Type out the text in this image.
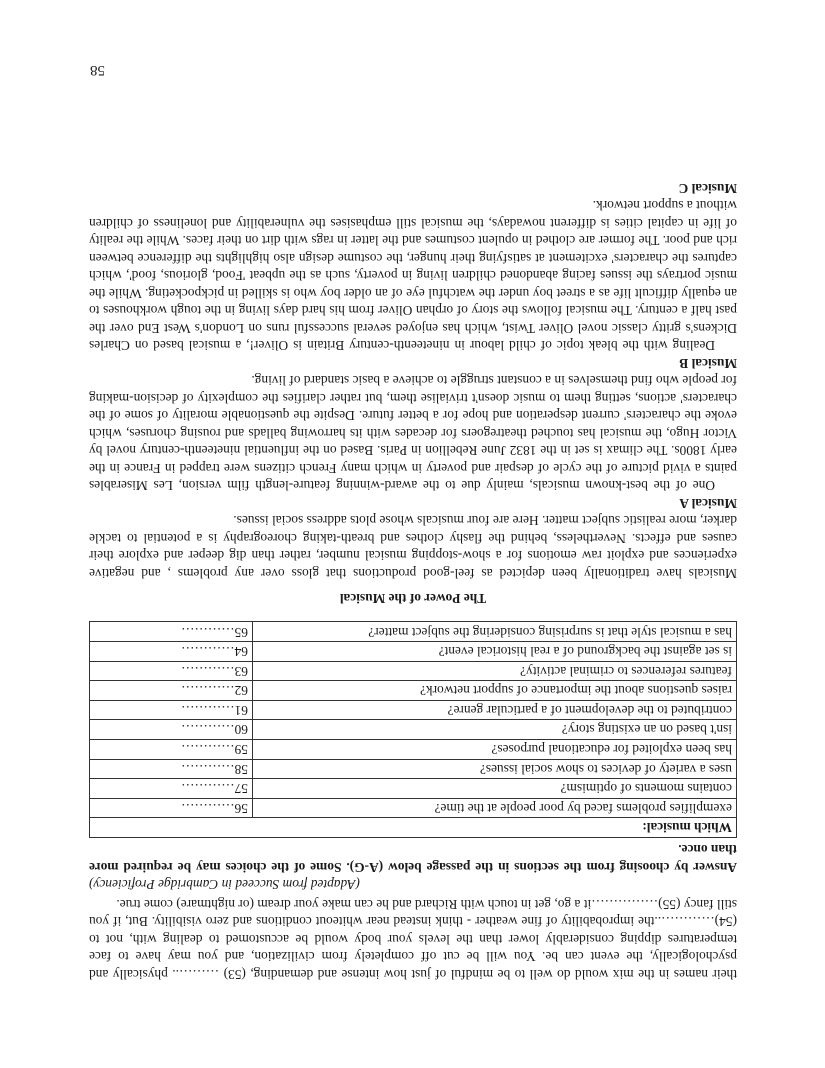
their names in the mix would do well to be mindful of just how intense and demanding, (53) ……….. physically and psychologically, the event can be. You will be cut off completely from civilization, and you may have to face temperatures dipping considerably lower than the levels your body would be accustomed to dealing with, not to (54)…………..the improbability of fine weather - think instead near whiteout conditions and zero visibility. But, if you still fancy (55)……………it a go, get in touch with Richard and he can make your dream (or nightmare) come true.

(Adapted from Succeed in Cambridge Proficiency)

Answer by choosing from the sections in the passage below (A-G). Some of the choices may be required more than once.

Which musical:	
exemplifies problems faced by poor people at the time?	56…………
contains moments of optimism?	57…………
uses a variety of devices to show social issues?	58…………
has been exploited for educational purposes?	59…………
isn't based on an existing story?	60…………
contributed to the development of a particular genre?	61…………
raises questions about the importance of support network?	62…………
features references to criminal activity?	63…………
is set against the background of a real historical event?	64…………
has a musical style that is surprising considering the subject matter?	65…………
The Power of the Musical

Musicals have traditionally been depicted as feel-good productions that gloss over any problems , and negative experiences and exploit raw emotions for a show-stopping musical number, rather than dig deeper and explore their causes and effects. Nevertheless, behind the flashy clothes and breath-taking choreography is a potential to tackle darker, more realistic subject matter. Here are four musicals whose plots address social issues.

Musical A

One of the best-known musicals, mainly due to the award-winning feature-length film version, Les Miserables paints a vivid picture of the cycle of despair and poverty in which many French citizens were trapped in France in the early 1800s. The climax is set in the 1832 June Rebellion in Paris. Based on the influential nineteenth-century novel by Victor Hugo, the musical has touched theatregoers for decades with its harrowing ballads and rousing choruses, which evoke the characters' current desperation and hope for a better future. Despite the questionable morality of some of the characters' actions, setting them to music doesn't trivialise them, but rather clarifies the complexity of decision-making for people who find themselves in a constant struggle to achieve a basic standard of living.

Musical B

Dealing with the bleak topic of child labour in nineteenth-century Britain is Oliver!, a musical based on Charles Dickens's gritty classic novel Oliver Twist, which has enjoyed several successful runs on London's West End over the past half a century. The musical follows the story of orphan Oliver from his hard days living in the tough workhouses to an equally difficult life as a street boy under the watchful eye of an older boy who is skilled in pickpocketing. While the music portrays the issues facing abandoned children living in poverty, such as the upbeat 'Food, glorious, food', which captures the characters' excitement at satisfying their hunger, the costume design also highlights the difference between rich and poor. The former are clothed in opulent costumes and the latter in rags with dirt on their faces. While the reality of life in capital cities is different nowadays, the musical still emphasises the vulnerability and loneliness of children without a support network.

Musical C
58
